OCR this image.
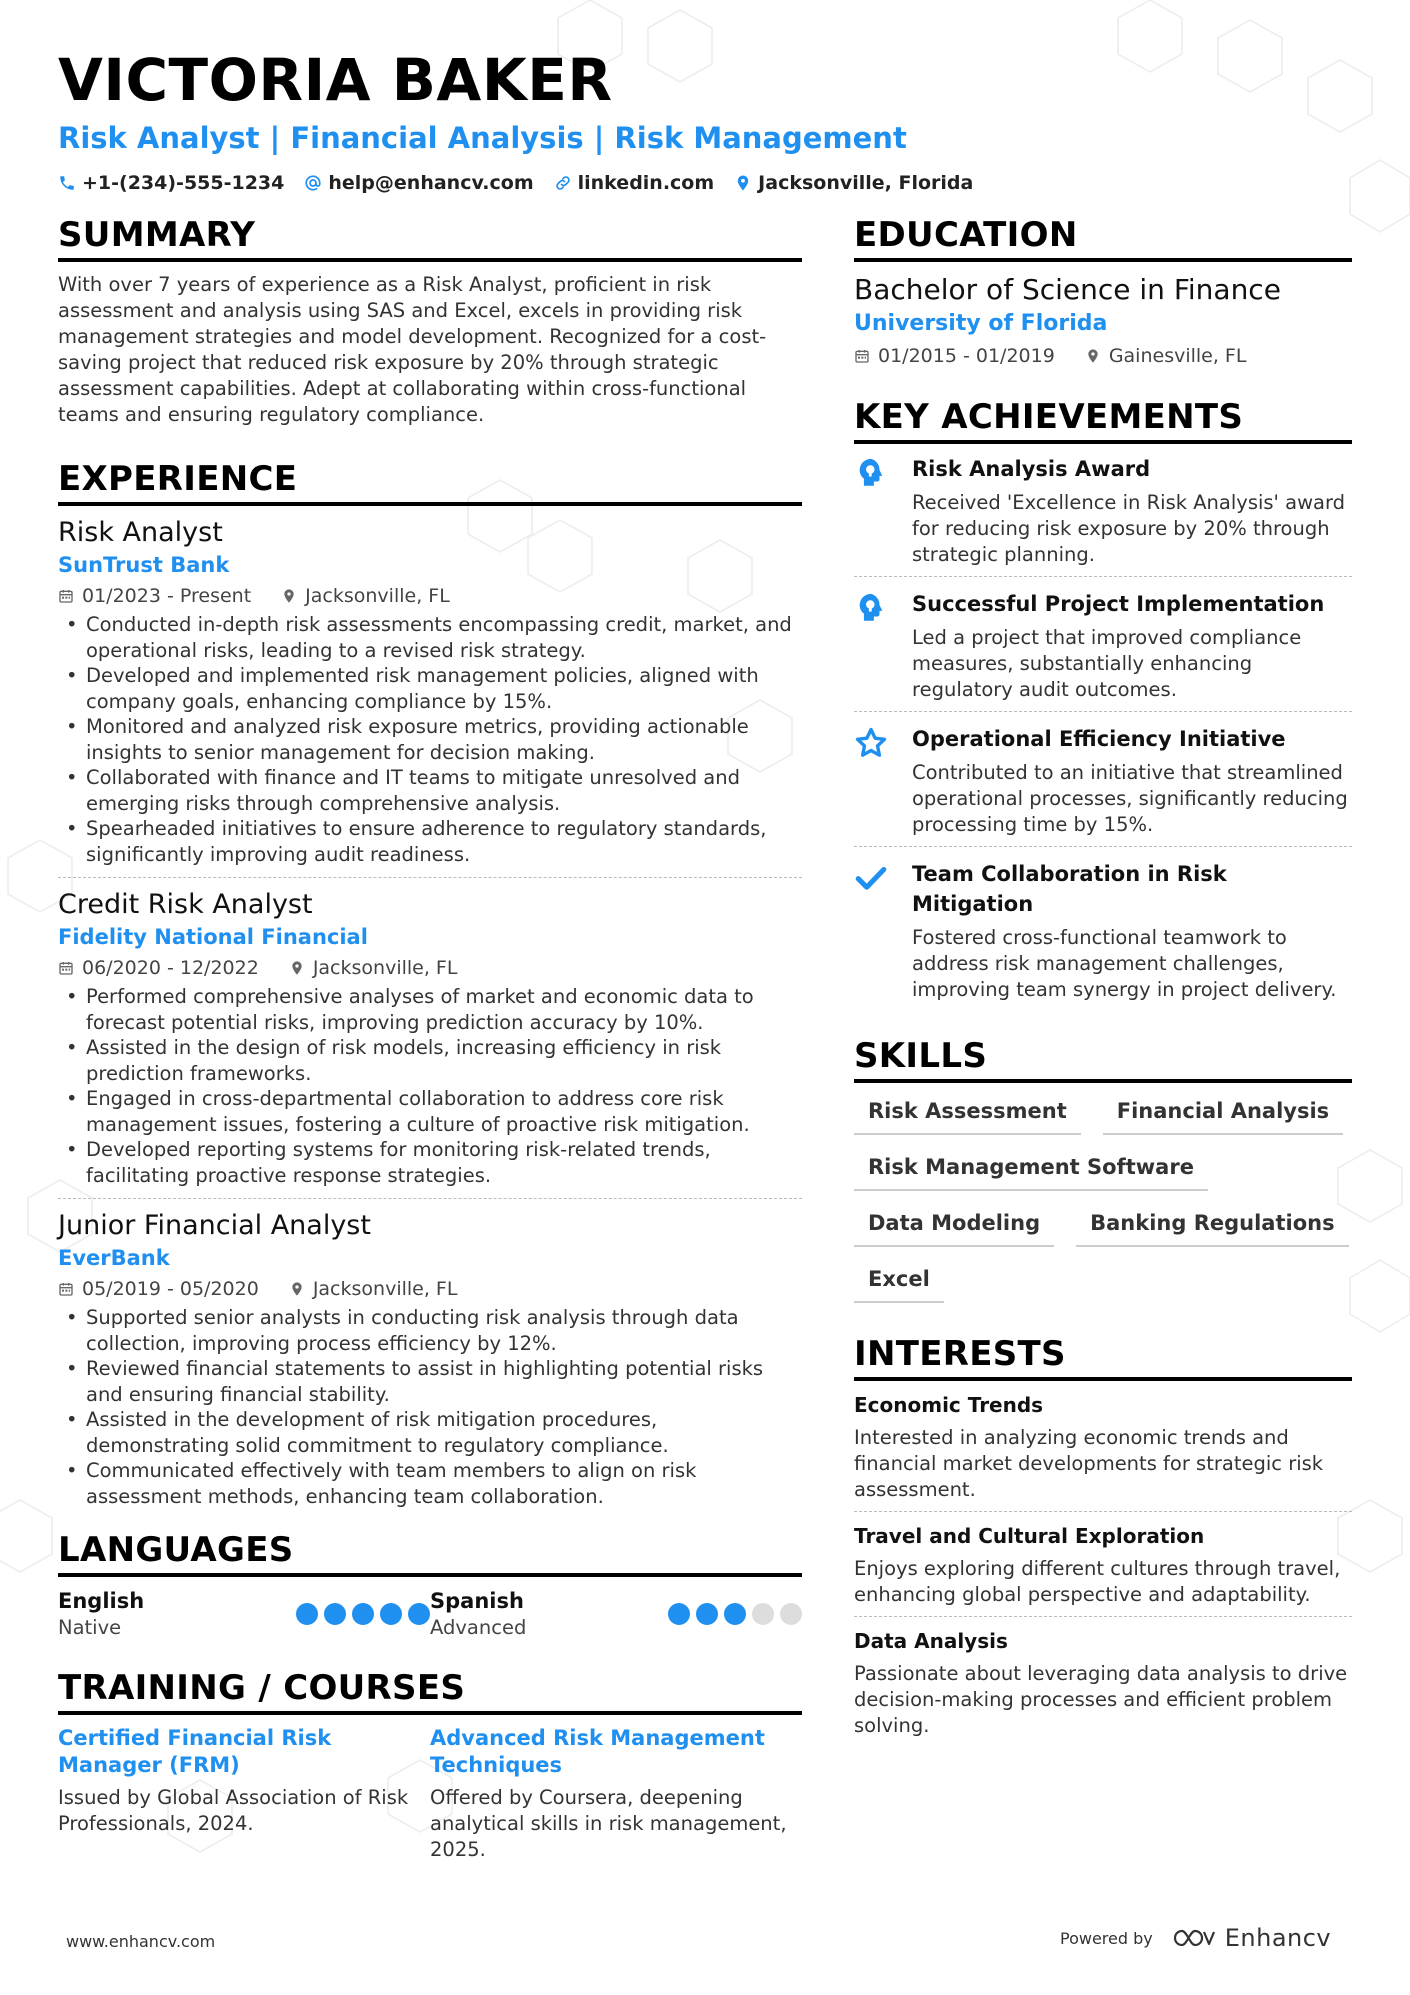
VICTORIA BAKER
Risk Analyst | Financial Analysis | Risk Management
+1-(234)-555-1234 help@enhancv.com linkedin.com Jacksonville, Florida
SUMMARY

With over 7 years of experience as a Risk Analyst, proficient in risk assessment and analysis using SAS and Excel, excels in providing risk management strategies and model development. Recognized for a cost-saving project that reduced risk exposure by 20% through strategic assessment capabilities. Adept at collaborating within cross-functional teams and ensuring regulatory compliance.

EXPERIENCE
Risk Analyst
SunTrust Bank
01/2023 - Present	Jacksonville, FL
• Conducted in-depth risk assessments encompassing credit, market, and operational risks, leading to a revised risk strategy.
• Developed and implemented risk management policies, aligned with company goals, enhancing compliance by 15%.
• Monitored and analyzed risk exposure metrics, providing actionable insights to senior management for decision making.
• Collaborated with finance and IT teams to mitigate unresolved and emerging risks through comprehensive analysis.
• Spearheaded initiatives to ensure adherence to regulatory standards, significantly improving audit readiness.
Credit Risk Analyst
Fidelity National Financial
06/2020 - 12/2022	Jacksonville, FL
• Performed comprehensive analyses of market and economic data to forecast potential risks, improving prediction accuracy by 10%.
• Assisted in the design of risk models, increasing efficiency in risk prediction frameworks.
• Engaged in cross-departmental collaboration to address core risk management issues, fostering a culture of proactive risk mitigation.
• Developed reporting systems for monitoring risk-related trends, facilitating proactive response strategies.
Junior Financial Analyst
EverBank
05/2019 - 05/2020	Jacksonville, FL
• Supported senior analysts in conducting risk analysis through data collection, improving process efficiency by 12%.
• Reviewed financial statements to assist in highlighting potential risks and ensuring financial stability.
• Assisted in the development of risk mitigation procedures, demonstrating solid commitment to regulatory compliance.
• Communicated effectively with team members to align on risk assessment methods, enhancing team collaboration.
LANGUAGES
English
Native
Spanish
Advanced
TRAINING / COURSES
Certified Financial Risk Manager (FRM)
Issued by Global Association of Risk Professionals, 2024.
Advanced Risk Management Techniques
Offered by Coursera, deepening analytical skills in risk management, 2025.
EDUCATION
Bachelor of Science in Finance
University of Florida
01/2015 - 01/2019	Gainesville, FL
KEY ACHIEVEMENTS
Risk Analysis Award
Received 'Excellence in Risk Analysis' award for reducing risk exposure by 20% through strategic planning.
Successful Project Implementation
Led a project that improved compliance measures, substantially enhancing regulatory audit outcomes.
Operational Efficiency Initiative
Contributed to an initiative that streamlined operational processes, significantly reducing processing time by 15%.
Team Collaboration in Risk Mitigation
Fostered cross-functional teamwork to address risk management challenges, improving team synergy in project delivery.
SKILLS
Risk Assessment	Financial Analysis
Risk Management Software
Data Modeling	Banking Regulations
Excel
INTERESTS
Economic Trends
Interested in analyzing economic trends and financial market developments for strategic risk assessment.
Travel and Cultural Exploration
Enjoys exploring different cultures through travel, enhancing global perspective and adaptability.
Data Analysis
Passionate about leveraging data analysis to drive decision-making processes and efficient problem solving.
www.enhancv.com	Powered by	Enhancv
